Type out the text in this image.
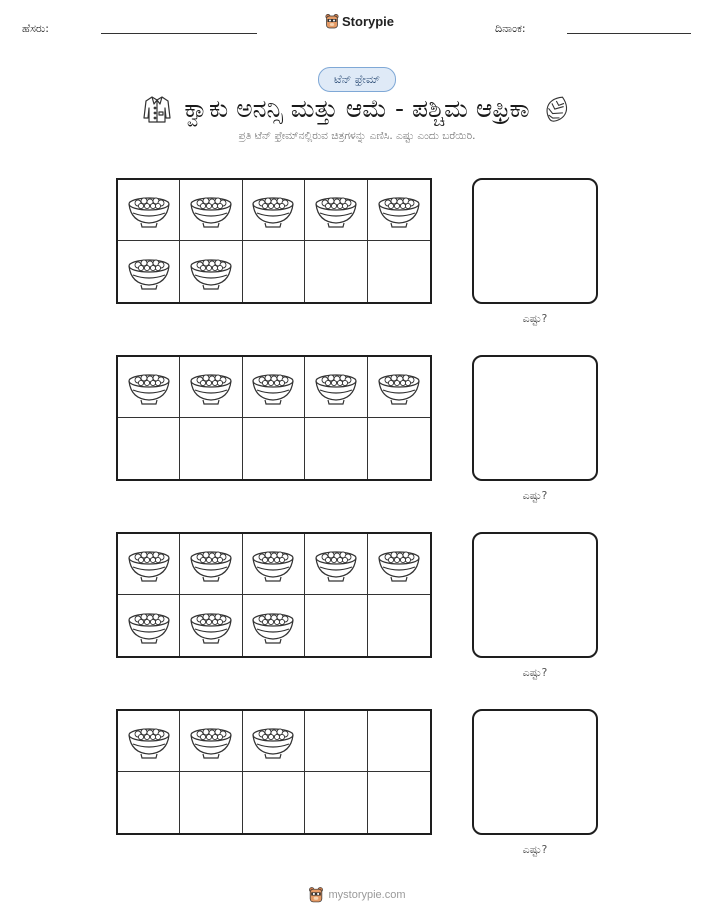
ಹೆಸರು:	Storypie	ದಿನಾಂಕ:
ಟೆನ್ ಫ್ರೇಮ್
ಕ್ವಾಕು ಅನನ್ಸಿ ಮತ್ತು ಆಮೆ - ಪಶ್ಚಿಮ ಆಫ್ರಿಕಾ
ಪ್ರತಿ ಟೆನ್ ಫ್ರೇಮ್‌ನಲ್ಲಿರುವ ಚಿತ್ರಗಳನ್ನು ಎಣಿಸಿ. ಎಷ್ಟು ಎಂದು ಬರೆಯಿರಿ.
ಎಷ್ಟು?
ಎಷ್ಟು?
ಎಷ್ಟು?
ಎಷ್ಟು?
mystorypie.com
